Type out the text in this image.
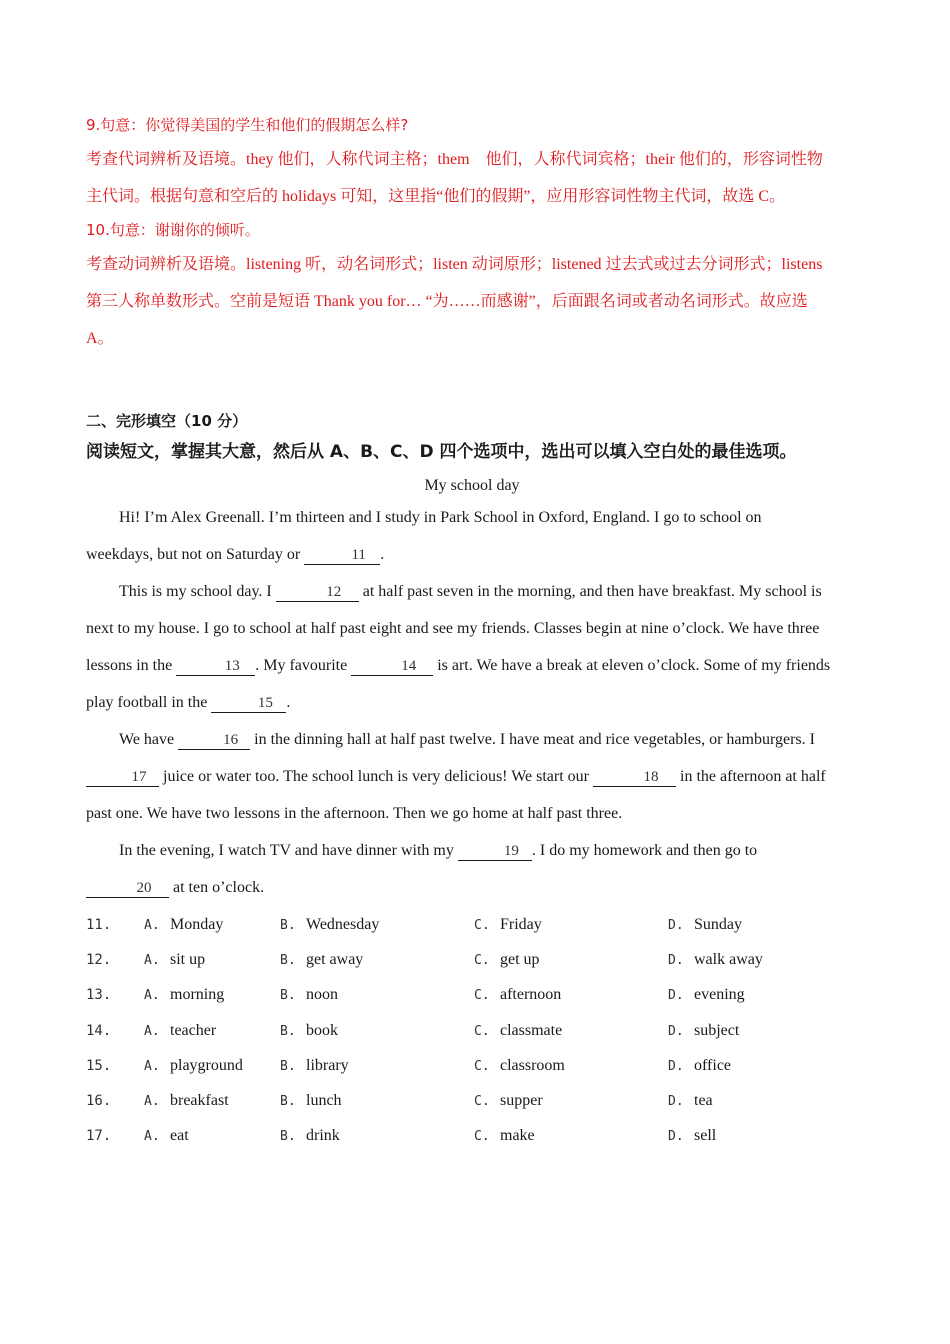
9.句意：你觉得美国的学生和他们的假期怎么样?

考查代词辨析及语境。they 他们，人称代词主格；them　他们，人称代词宾格；their 他们的，形容词性物

主代词。根据句意和空后的 holidays 可知，这里指“他们的假期”，应用形容词性物主代词，故选 C。

10.句意：谢谢你的倾听。

考查动词辨析及语境。listening 听，动名词形式；listen 动词原形；listened 过去式或过去分词形式；listens

第三人称单数形式。空前是短语 Thank you for… “为……而感谢”，后面跟名词或者动名词形式。故应选

A。

二、完形填空（10 分）

阅读短文，掌握其大意，然后从 A、B、C、D 四个选项中，选出可以填入空白处的最佳选项。

My school day

Hi! I’m Alex Greenall. I’m thirteen and I study in Park School in Oxford, England. I go to school on
weekdays, but not on Saturday or	11 .

This is my school day. I	12 at half past seven in the morning, and then have breakfast. My school is
next to my house. I go to school at half past eight and see my friends. Classes begin at nine o’clock. We have three
lessons in the	13 . My favourite	14 is art. We have a break at eleven o’clock. Some of my friends
play football in the	15 .

We have	16 in the dinning hall at half past twelve. I have meat and rice vegetables, or hamburgers. I
17 juice or water too. The school lunch is very delicious! We start our	18 in the afternoon at half
past one. We have two lessons in the afternoon. Then we go home at half past three.

In the evening, I watch TV and have dinner with my	19 . I do my homework and then go to
20 at ten o’clock.

11.	A. Monday	B. Wednesday	C. Friday	D. Sunday
12.	A. sit up	B. get away	C. get up	D. walk away
13.	A. morning	B. noon	C. afternoon	D. evening
14.	A. teacher	B. book	C. classmate	D. subject
15.	A. playground	B. library	C. classroom	D. office
16.	A. breakfast	B. lunch	C. supper	D. tea
17.	A. eat	B. drink	C. make	D. sell
